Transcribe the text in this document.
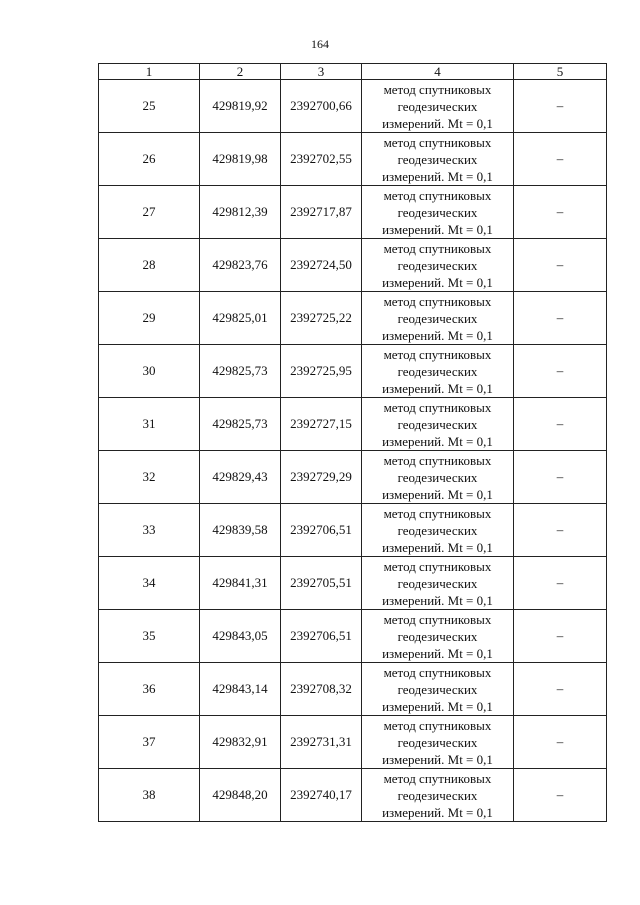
164
1	2	3	4	5
25	429819,92	2392700,66	метод спутниковых
геодезических
измерений. Mt = 0,1	–
26	429819,98	2392702,55	метод спутниковых
геодезических
измерений. Mt = 0,1	–
27	429812,39	2392717,87	метод спутниковых
геодезических
измерений. Mt = 0,1	–
28	429823,76	2392724,50	метод спутниковых
геодезических
измерений. Mt = 0,1	–
29	429825,01	2392725,22	метод спутниковых
геодезических
измерений. Mt = 0,1	–
30	429825,73	2392725,95	метод спутниковых
геодезических
измерений. Mt = 0,1	–
31	429825,73	2392727,15	метод спутниковых
геодезических
измерений. Mt = 0,1	–
32	429829,43	2392729,29	метод спутниковых
геодезических
измерений. Mt = 0,1	–
33	429839,58	2392706,51	метод спутниковых
геодезических
измерений. Mt = 0,1	–
34	429841,31	2392705,51	метод спутниковых
геодезических
измерений. Mt = 0,1	–
35	429843,05	2392706,51	метод спутниковых
геодезических
измерений. Mt = 0,1	–
36	429843,14	2392708,32	метод спутниковых
геодезических
измерений. Mt = 0,1	–
37	429832,91	2392731,31	метод спутниковых
геодезических
измерений. Mt = 0,1	–
38	429848,20	2392740,17	метод спутниковых
геодезических
измерений. Mt = 0,1	–
